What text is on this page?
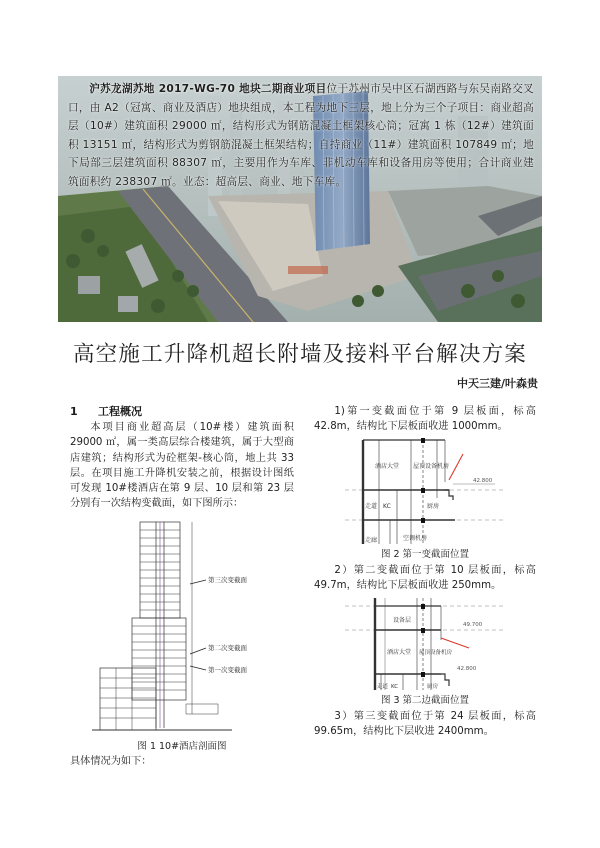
沪苏龙湖苏地 2017-WG-70 地块二期商业项目位于苏州市吴中区石湖西路与东吴南路交叉口，由 A2（冠寓、商业及酒店）地块组成，本工程为地下三层，地上分为三个子项目：商业超高层（10#）建筑面积 29000 ㎡，结构形式为钢筋混凝土框架核心筒；冠寓 1 栋（12#）建筑面积 13151 ㎡，结构形式为剪钢筋混凝土框架结构；自持商业（11#）建筑面积 107849 ㎡；地下局部三层建筑面积 88307 ㎡，主要用作为车库、非机动车库和设备用房等使用；合计商业建筑面积约 238307 ㎡。业态：超高层、商业、地下车库。
高空施工升降机超长附墙及接料平台解决方案
中天三建/叶森贵
1 工程概况
本项目商业超高层（10#楼）建筑面积 29000 ㎡，属一类高层综合楼建筑，属于大型商店建筑；结构形式为砼框架-核心筒，地上共 33 层。在项目施工升降机安装之前，根据设计图纸可发现 10#楼酒店在第 9 层、10 层和第 23 层分别有一次结构变截面，如下图所示：
第三次变截面
第二次变截面
第一次变截面
图 1 10#酒店剖面图
具体情况为如下：
1)第一变截面位于第 9 层板面，标高 42.8m，结构比下层板面收进 1000mm。
酒店大堂 屋顶设备机房
42.800
走道 KC	厨房
走廊	空调机房
图 2 第一变截面位置
2）第二变截面位于第 10 层板面，标高 49.7m，结构比下层板面收进 250mm。
设备层
49.700
酒店大堂 屋顶设备机房
42.800
走道 KC	厨房
图 3 第二边截面位置
3）第三变截面位于第 24 层板面，标高 99.65m，结构比下层收进 2400mm。
